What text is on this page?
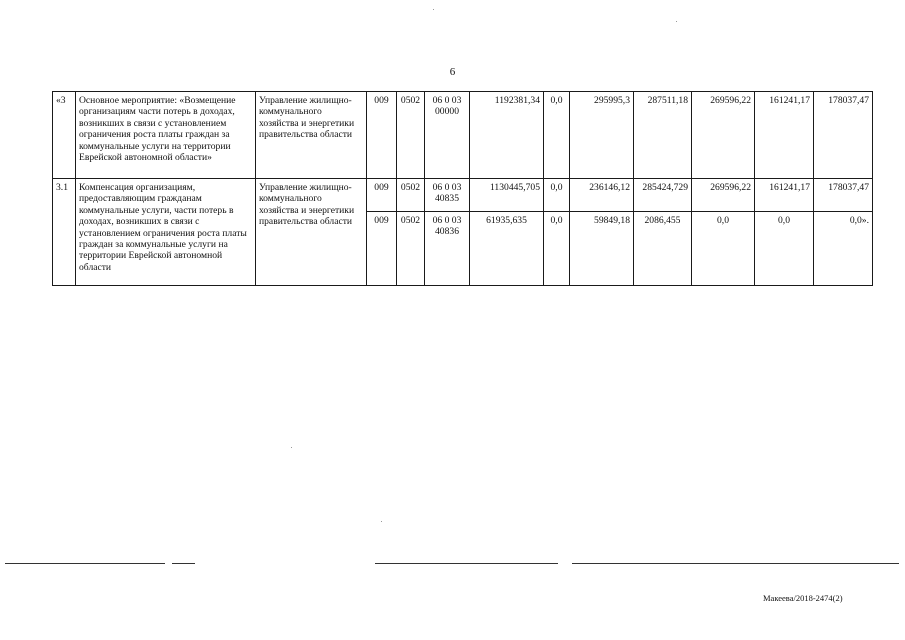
6
«3	Основное мероприятие: «Возмещение организациям части потерь в доходах, возникших в связи с установлением ограничения роста платы граждан за коммунальные услуги на территории Еврейской автономной области»	Управление жилищно-коммунального хозяйства и энергетики правительства области	009	0502	06 0 03 00000	1192381,34	0,0	295995,3	287511,18	269596,22	161241,17	178037,47
3.1	Компенсация организациям, предоставляющим гражданам коммунальные услуги, части потерь в доходах, возникших в связи с установлением ограничения роста платы граждан за коммунальные услуги на территории Еврейской автономной области	Управление жилищно-коммунального хозяйства и энергетики правительства области	009	0502	06 0 03 40835	1130445,705	0,0	236146,12	285424,729	269596,22	161241,17	178037,47
			009	0502	06 0 03 40836	61935,635	0,0	59849,18	2086,455	0,0	0,0	0,0».
Макеева/2018-2474(2)
